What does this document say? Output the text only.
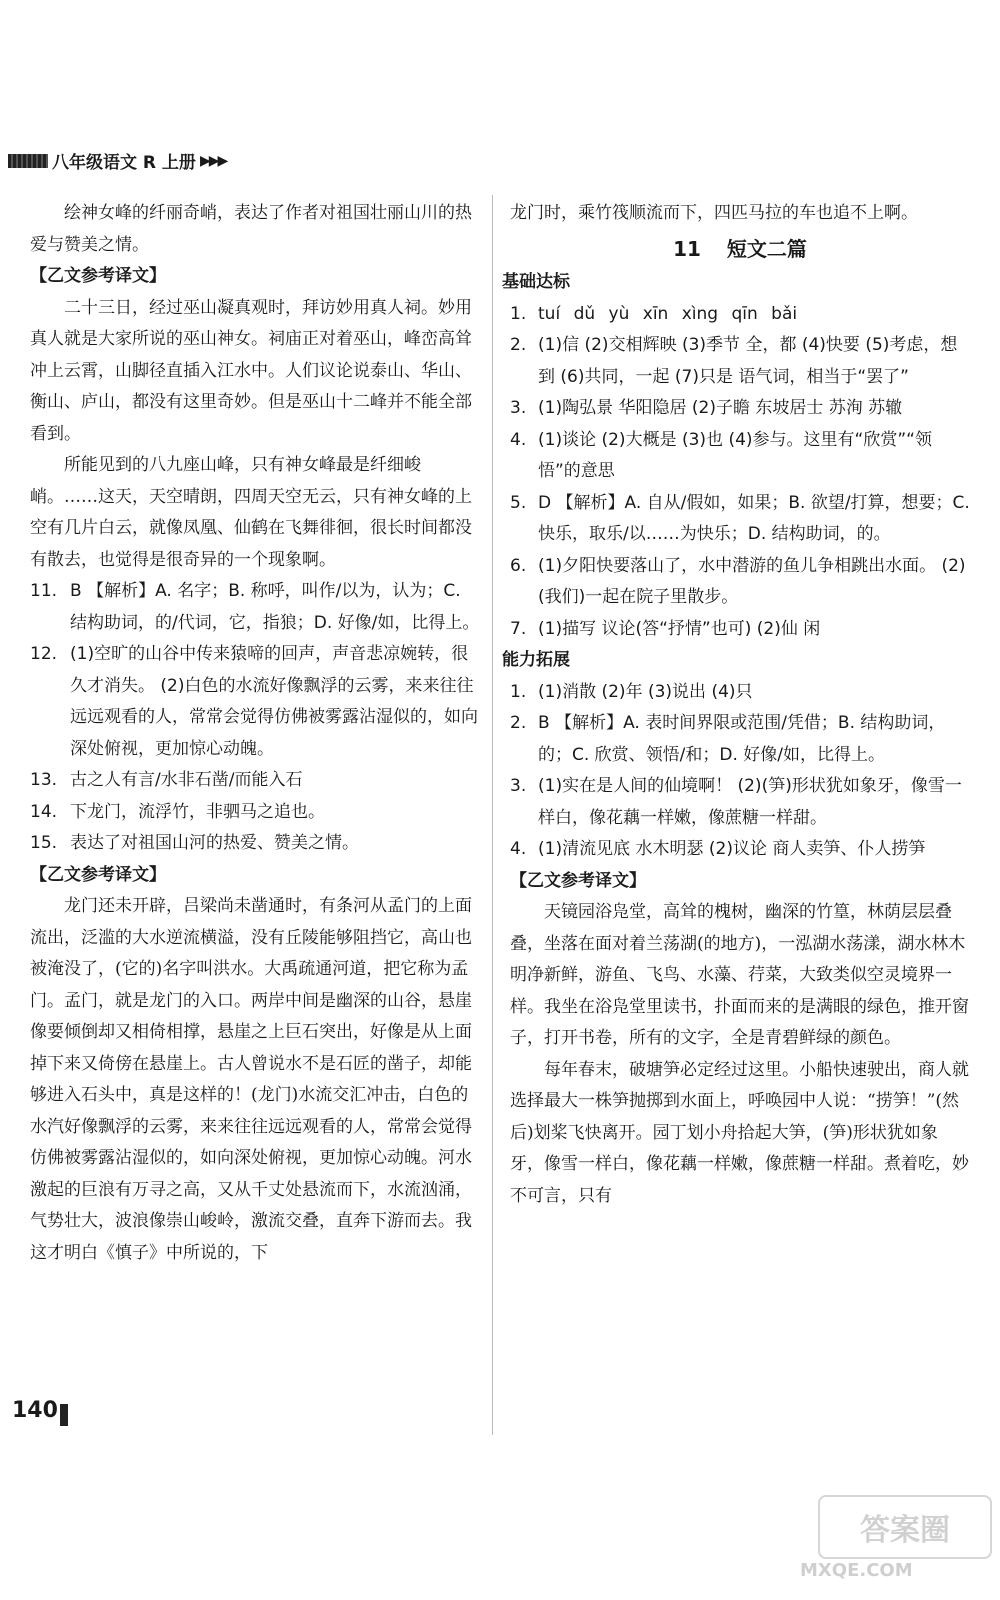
八年级语文 R 上册 ▶▶▶

绘神女峰的纤丽奇峭，表达了作者对祖国壮丽山川的热爱与赞美之情。

【乙文参考译文】

二十三日，经过巫山凝真观时，拜访妙用真人祠。妙用真人就是大家所说的巫山神女。祠庙正对着巫山，峰峦高耸冲上云霄，山脚径直插入江水中。人们议论说泰山、华山、衡山、庐山，都没有这里奇妙。但是巫山十二峰并不能全部看到。

所能见到的八九座山峰，只有神女峰最是纤细峻峭。……这天，天空晴朗，四周天空无云，只有神女峰的上空有几片白云，就像凤凰、仙鹤在飞舞徘徊，很长时间都没有散去，也觉得是很奇异的一个现象啊。

11. B 【解析】A. 名字；B. 称呼，叫作/以为，认为；C. 结构助词，的/代词，它，指狼；D. 好像/如，比得上。
12. (1)空旷的山谷中传来猿啼的回声，声音悲凉婉转，很久才消失。 (2)白色的水流好像飘浮的云雾，来来往往远远观看的人，常常会觉得仿佛被雾露沾湿似的，如向深处俯视，更加惊心动魄。
13. 古之人有言/水非石凿/而能入石
14. 下龙门，流浮竹，非驷马之追也。
15. 表达了对祖国山河的热爱、赞美之情。

【乙文参考译文】

龙门还未开辟，吕梁尚未凿通时，有条河从孟门的上面流出，泛滥的大水逆流横溢，没有丘陵能够阻挡它，高山也被淹没了，(它的)名字叫洪水。大禹疏通河道，把它称为孟门。孟门，就是龙门的入口。两岸中间是幽深的山谷，悬崖像要倾倒却又相倚相撑，悬崖之上巨石突出，好像是从上面掉下来又倚傍在悬崖上。古人曾说水不是石匠的凿子，却能够进入石头中，真是这样的！(龙门)水流交汇冲击，白色的水汽好像飘浮的云雾，来来往往远远观看的人，常常会觉得仿佛被雾露沾湿似的，如向深处俯视，更加惊心动魄。河水激起的巨浪有万寻之高，又从千丈处悬流而下，水流汹涌，气势壮大，波浪像崇山峻岭，激流交叠，直奔下游而去。我这才明白《慎子》中所说的，下

龙门时，乘竹筏顺流而下，四匹马拉的车也追不上啊。

11 短文二篇

基础达标

1. tuí dǔ yù xīn xìng qīn bǎi
2. (1)信 (2)交相辉映 (3)季节 全，都 (4)快要 (5)考虑，想到 (6)共同，一起 (7)只是 语气词，相当于“罢了”
3. (1)陶弘景 华阳隐居 (2)子瞻 东坡居士 苏洵 苏辙
4. (1)谈论 (2)大概是 (3)也 (4)参与。这里有“欣赏”“领悟”的意思
5. D 【解析】A. 自从/假如，如果；B. 欲望/打算，想要；C. 快乐，取乐/以……为快乐；D. 结构助词，的。
6. (1)夕阳快要落山了，水中潜游的鱼儿争相跳出水面。 (2)(我们)一起在院子里散步。
7. (1)描写 议论(答“抒情”也可) (2)仙 闲

能力拓展

1. (1)消散 (2)年 (3)说出 (4)只
2. B 【解析】A. 表时间界限或范围/凭借；B. 结构助词，的；C. 欣赏、领悟/和；D. 好像/如，比得上。
3. (1)实在是人间的仙境啊！ (2)(笋)形状犹如象牙，像雪一样白，像花藕一样嫩，像蔗糖一样甜。
4. (1)清流见底 水木明瑟 (2)议论 商人卖笋、仆人捞笋

【乙文参考译文】

天镜园浴凫堂，高耸的槐树，幽深的竹篁，林荫层层叠叠，坐落在面对着兰荡湖(的地方)，一泓湖水荡漾，湖水林木明净新鲜，游鱼、飞鸟、水藻、荇菜，大致类似空灵境界一样。我坐在浴凫堂里读书，扑面而来的是满眼的绿色，推开窗子，打开书卷，所有的文字，全是青碧鲜绿的颜色。

每年春末，破塘笋必定经过这里。小船快速驶出，商人就选择最大一株笋抛掷到水面上，呼唤园中人说：“捞笋！”(然后)划桨飞快离开。园丁划小舟拾起大笋，(笋)形状犹如象牙，像雪一样白，像花藕一样嫩，像蔗糖一样甜。煮着吃，妙不可言，只有

140
答案圈
MXQE.COM
